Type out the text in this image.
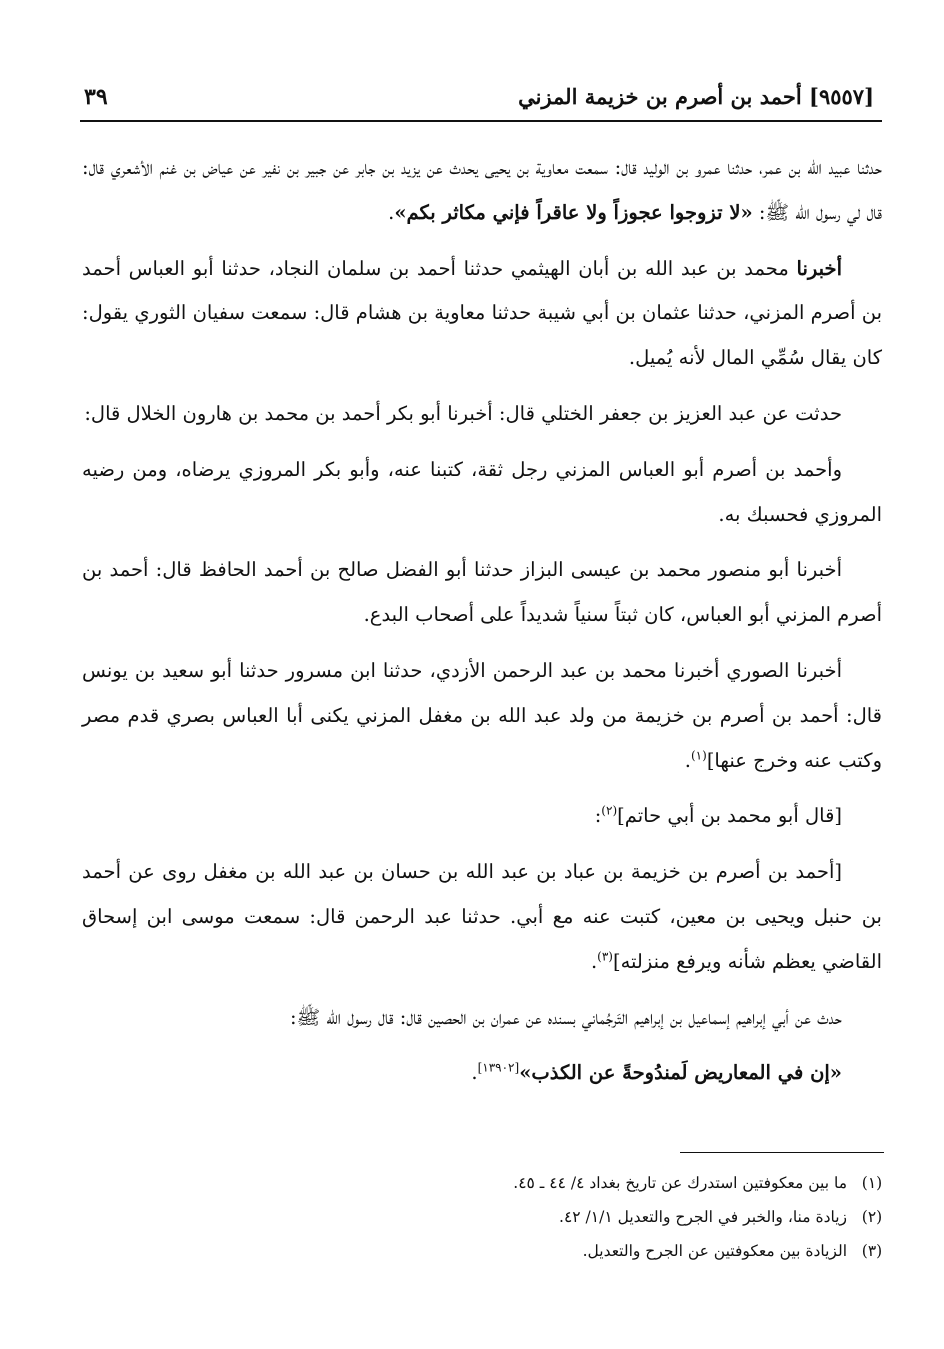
[٩٥٥٧] أحمد بن أصرم بن خزيمة المزني
٣٩

حدثنا عبيد الله بن عمر، حدثنا عمرو بن الوليد قال: سمعت معاوية بن يحيى يحدث عن يزيد بن جابر عن جبير بن نفير عن عياض بن غنم الأشعري قال: قال لي رسول الله ﷺ: «لا تزوجوا عجوزاً ولا عاقراً فإني مكاثر بكم».

أخبرنا محمد بن عبد الله بن أبان الهيثمي حدثنا أحمد بن سلمان النجاد، حدثنا أبو العباس أحمد بن أصرم المزني، حدثنا عثمان بن أبي شيبة حدثنا معاوية بن هشام قال: سمعت سفيان الثوري يقول: كان يقال سُمِّي المال لأنه يُميل.

حدثت عن عبد العزيز بن جعفر الختلي قال: أخبرنا أبو بكر أحمد بن محمد بن هارون الخلال قال:

وأحمد بن أصرم أبو العباس المزني رجل ثقة، كتبنا عنه، وأبو بكر المروزي يرضاه، ومن رضيه المروزي فحسبك به.

أخبرنا أبو منصور محمد بن عيسى البزاز حدثنا أبو الفضل صالح بن أحمد الحافظ قال: أحمد بن أصرم المزني أبو العباس، كان ثبتاً سنياً شديداً على أصحاب البدع.

أخبرنا الصوري أخبرنا محمد بن عبد الرحمن الأزدي، حدثنا ابن مسرور حدثنا أبو سعيد بن يونس قال: أحمد بن أصرم بن خزيمة من ولد عبد الله بن مغفل المزني يكنى أبا العباس بصري قدم مصر وكتب عنه وخرج عنها]$^{(١)}$.

[قال أبو محمد بن أبي حاتم]$^{(٢)}$:

[أحمد بن أصرم بن خزيمة بن عباد بن عبد الله بن حسان بن عبد الله بن مغفل روى عن أحمد بن حنبل ويحيى بن معين، كتبت عنه مع أبي. حدثنا عبد الرحمن قال: سمعت موسى ابن إسحاق القاضي يعظم شأنه ويرفع منزلته]$^{(٣)}$.

حدث عن أبي إبراهيم إسماعيل بن إبراهيم التَرجُماني بسنده عن عمران بن الحصين قال: قال رسول الله ﷺ:

«إن في المعاريض لَمندُوحةً عن الكذب»[١٣٩٠٢].

(١)ما بين معكوفتين استدرك عن تاريخ بغداد ٤/ ٤٤ ـ ٤٥.

(٢)زيادة منا، والخبر في الجرح والتعديل ١/١/ ٤٢.

(٣)الزيادة بين معكوفتين عن الجرح والتعديل.
